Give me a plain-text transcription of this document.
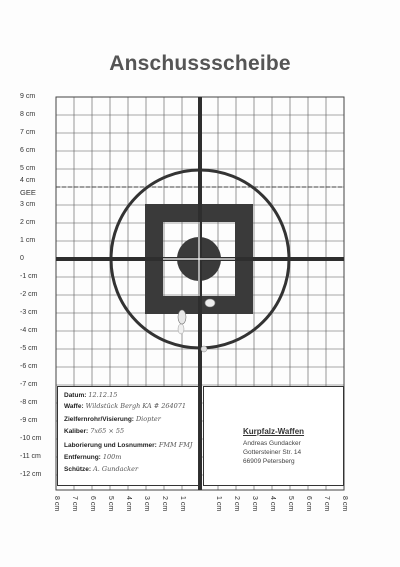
Anschussscheibe
9 cm
8 cm
7 cm
6 cm
5 cm
4 cm
GEE
3 cm
2 cm
1 cm
0
-1 cm
-2 cm
-3 cm
-4 cm
-5 cm
-6 cm
-7 cm
-8 cm
-9 cm
-10 cm
-11 cm
-12 cm
8 cm 7 cm 6 cm 5 cm 4 cm 3 cm 2 cm 1 cm	1 cm 2 cm 3 cm 4 cm 5 cm 6 cm 7 cm 8 cm
Datum: 12.12.15
Waffe: Wildstück Bergh KA # 264071
Zielfernrohr/Visierung: Diopter
Kaliber: 7x65 × 55
Laborierung und Losnummer: FMM FMJ
Entfernung: 100m
Schütze: A. Gundacker
Kurpfalz-Waffen
Andreas Gundacker
Gottersteiner Str. 14
66909 Petersberg
